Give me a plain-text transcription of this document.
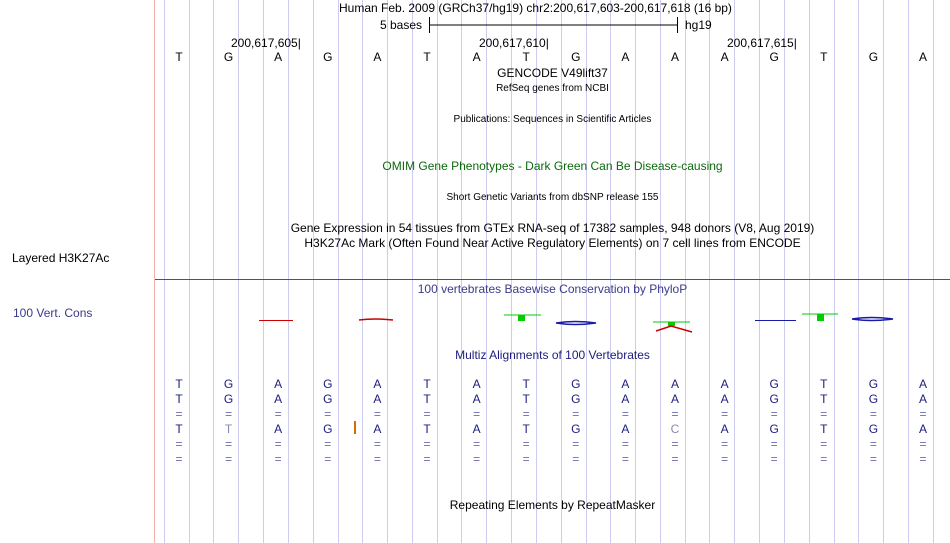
Layered H3K27Ac
100 Vert. Cons
Human Feb. 2009 (GRCh37/hg19) chr2:200,617,603-200,617,618 (16 bp)
5 bases	hg19
200,617,605|	200,617,610|	200,617,615|
T	G	A	G	A	T	A	T	G	A	A	A	G	T	G	A
GENCODE V49lift37
RefSeq genes from NCBI
Publications: Sequences in Scientific Articles
OMIM Gene Phenotypes - Dark Green Can Be Disease-causing
Short Genetic Variants from dbSNP release 155
Gene Expression in 54 tissues from GTEx RNA-seq of 17382 samples, 948 donors (V8, Aug 2019)
H3K27Ac Mark (Often Found Near Active Regulatory Elements) on 7 cell lines from ENCODE
100 vertebrates Basewise Conservation by PhyloP
Multiz Alignments of 100 Vertebrates
T	G	A	G	A	T	A	T	G	A	A	A	G	T	G	A
T	G	A	G	A	T	A	T	G	A	A	A	G	T	G	A
=	=	=	=	=	=	=	=	=	=	=	=	=	=	=	=
T	T	A	G	A	T	A	T	G	A	C	A	G	T	G	A
=	=	=	=	=	=	=	=	=	=	=	=	=	=	=	=
=	=	=	=	=	=	=	=	=	=	=	=	=	=	=	=
Repeating Elements by RepeatMasker
